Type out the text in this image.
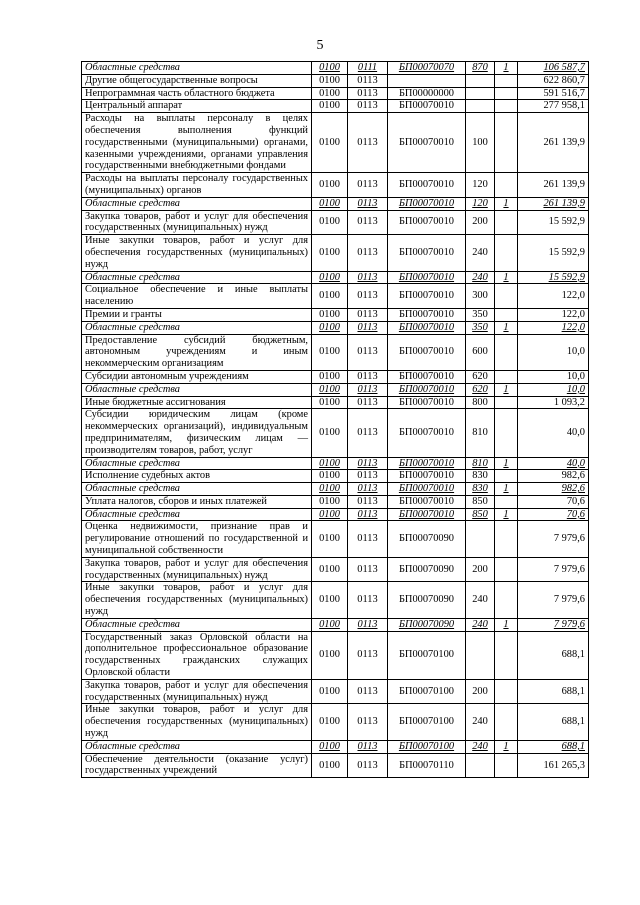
5
Областные средства	0100	0111	БП00070070	870	1	106 587,7
Другие общегосударственные вопросы	0100	0113				622 860,7
Непрограммная часть областного бюджета	0100	0113	БП00000000			591 516,7
Центральный аппарат	0100	0113	БП00070010			277 958,1
Расходы на выплаты персоналу в целях обеспечения выполнения функций государственными (муниципальными) органами, казенными учреждениями, органами управления государственными внебюджетными фондами	0100	0113	БП00070010	100		261 139,9
Расходы на выплаты персоналу государственных (муниципальных) органов	0100	0113	БП00070010	120		261 139,9
Областные средства	0100	0113	БП00070010	120	1	261 139,9
Закупка товаров, работ и услуг для обеспечения государственных (муниципальных) нужд	0100	0113	БП00070010	200		15 592,9
Иные закупки товаров, работ и услуг для обеспечения государственных (муниципальных) нужд	0100	0113	БП00070010	240		15 592,9
Областные средства	0100	0113	БП00070010	240	1	15 592,9
Социальное обеспечение и иные выплаты населению	0100	0113	БП00070010	300		122,0
Премии и гранты	0100	0113	БП00070010	350		122,0
Областные средства	0100	0113	БП00070010	350	1	122,0
Предоставление субсидий бюджетным, автономным учреждениям и иным некоммерческим организациям	0100	0113	БП00070010	600		10,0
Субсидии автономным учреждениям	0100	0113	БП00070010	620		10,0
Областные средства	0100	0113	БП00070010	620	1	10,0
Иные бюджетные ассигнования	0100	0113	БП00070010	800		1 093,2
Субсидии юридическим лицам (кроме некоммерческих организаций), индивидуальным предпринимателям, физическим лицам — производителям товаров, работ, услуг	0100	0113	БП00070010	810		40,0
Областные средства	0100	0113	БП00070010	810	1	40,0
Исполнение судебных актов	0100	0113	БП00070010	830		982,6
Областные средства	0100	0113	БП00070010	830	1	982,6
Уплата налогов, сборов и иных платежей	0100	0113	БП00070010	850		70,6
Областные средства	0100	0113	БП00070010	850	1	70,6
Оценка недвижимости, признание прав и регулирование отношений по государственной и муниципальной собственности	0100	0113	БП00070090			7 979,6
Закупка товаров, работ и услуг для обеспечения государственных (муниципальных) нужд	0100	0113	БП00070090	200		7 979,6
Иные закупки товаров, работ и услуг для обеспечения государственных (муниципальных) нужд	0100	0113	БП00070090	240		7 979,6
Областные средства	0100	0113	БП00070090	240	1	7 979,6
Государственный заказ Орловской области на дополнительное профессиональное образование государственных гражданских служащих Орловской области	0100	0113	БП00070100			688,1
Закупка товаров, работ и услуг для обеспечения государственных (муниципальных) нужд	0100	0113	БП00070100	200		688,1
Иные закупки товаров, работ и услуг для обеспечения государственных (муниципальных) нужд	0100	0113	БП00070100	240		688,1
Областные средства	0100	0113	БП00070100	240	1	688,1
Обеспечение деятельности (оказание услуг) государственных учреждений	0100	0113	БП00070110			161 265,3
